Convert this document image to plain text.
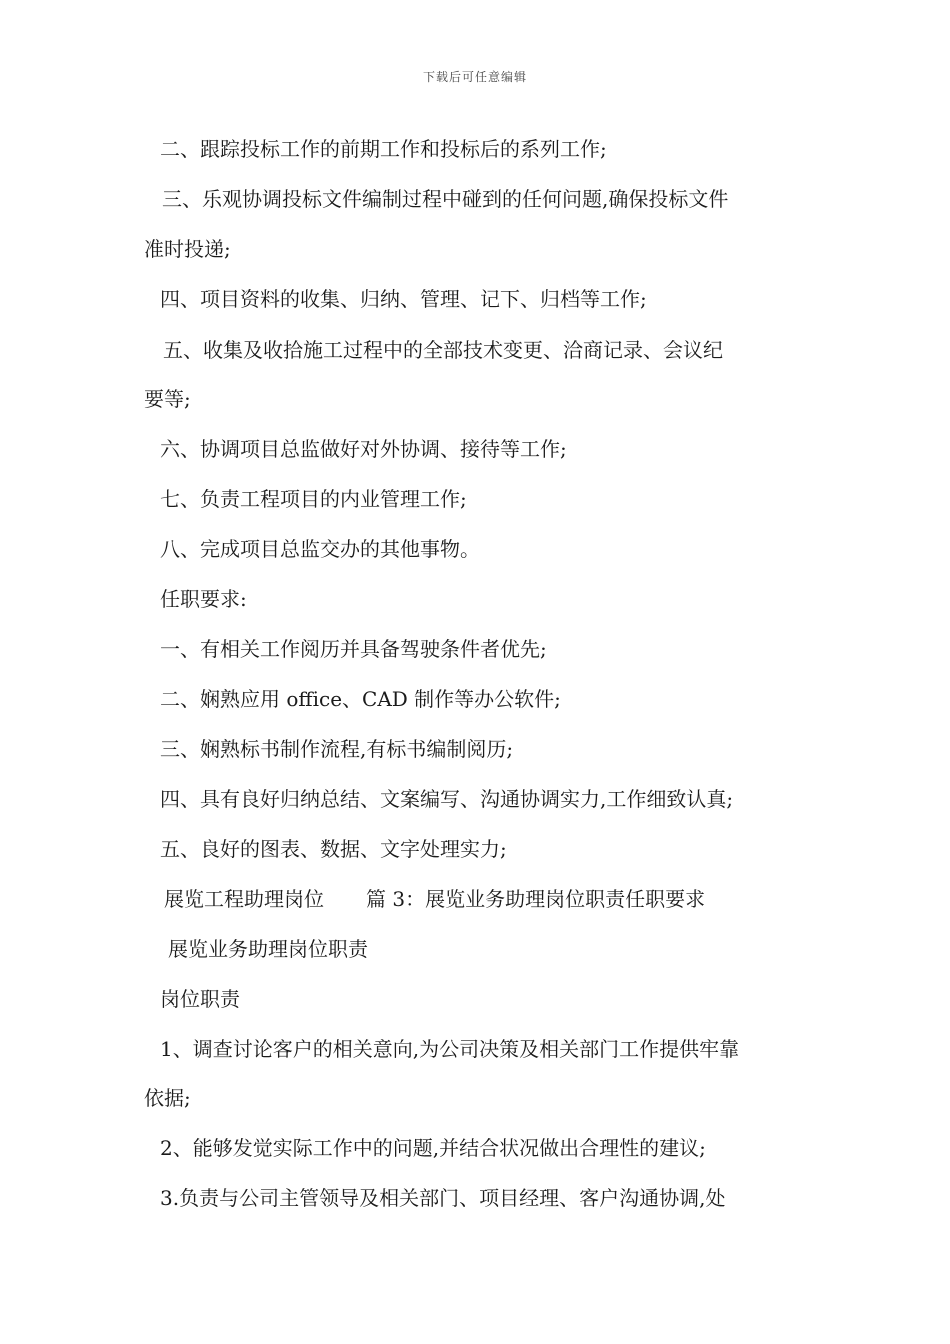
下载后可任意编辑
二、跟踪投标工作的前期工作和投标后的系列工作;
三、乐观协调投标文件编制过程中碰到的任何问题,确保投标文件
准时投递;
四、项目资料的收集、归纳、管理、记下、归档等工作;
五、收集及收拾施工过程中的全部技术变更、洽商记录、会议纪
要等;
六、协调项目总监做好对外协调、接待等工作;
七、负责工程项目的内业管理工作;
八、完成项目总监交办的其他事物。
任职要求:
一、有相关工作阅历并具备驾驶条件者优先;
二、娴熟应用 office、CAD 制作等办公软件;
三、娴熟标书制作流程,有标书编制阅历;
四、具有良好归纳总结、文案编写、沟通协调实力,工作细致认真;
五、良好的图表、数据、文字处理实力;
展览工程助理岗位 篇 3：展览业务助理岗位职责任职要求
展览业务助理岗位职责
岗位职责
1、调查讨论客户的相关意向,为公司决策及相关部门工作提供牢靠
依据;
2、能够发觉实际工作中的问题,并结合状况做出合理性的建议;
3.负责与公司主管领导及相关部门、项目经理、客户沟通协调,处
